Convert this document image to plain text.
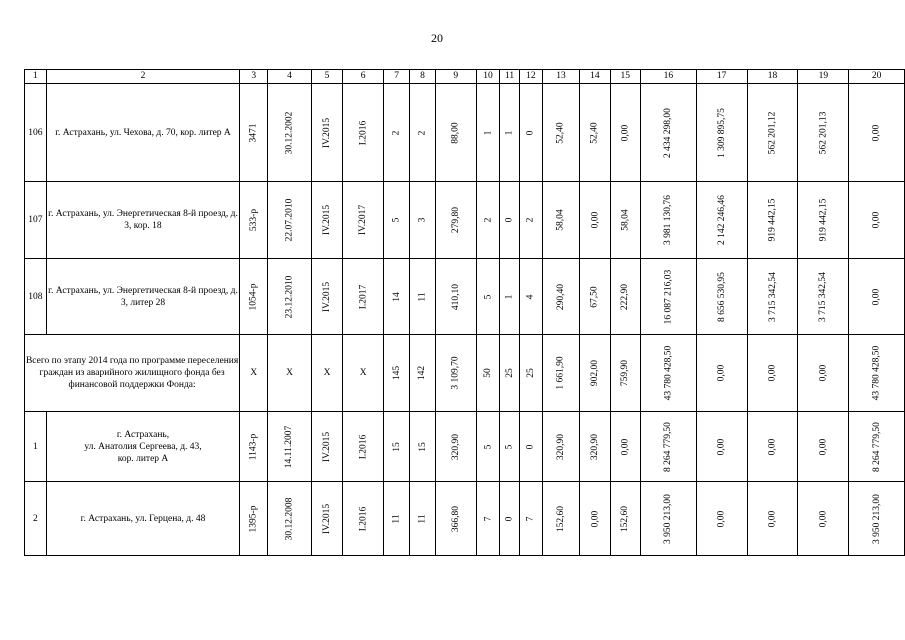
20
1	2	3	4	5	6	7	8	9	10	11	12	13	14	15	16	17	18	19	20
106	г. Астрахань, ул. Чехова, д. 70, кор. литер А	3471	30.12.2002	IV.2015	I.2016	2	2	88,00	1	1	0	52,40	52,40	0,00	2 434 298,00	1 309 895,75	562 201,12	562 201,13	0,00
107	г. Астрахань, ул. Энергетическая 8-й проезд, д. 3, кор. 18	533-р	22.07.2010	IV.2015	IV.2017	5	3	279,80	2	0	2	58,04	0,00	58,04	3 981 130,76	2 142 246,46	919 442,15	919 442,15	0,00
108	г. Астрахань, ул. Энергетическая 8-й проезд, д. 3, литер 28	1054-р	23.12.2010	IV.2015	I.2017	14	11	410,10	5	1	4	290,40	67,50	222,90	16 087 216,03	8 656 530,95	3 715 342,54	3 715 342,54	0,00
Всего по этапу 2014 года по программе переселения граждан из аварийного жилищного фонда без финансовой поддержки Фонда:		X	X	X	X	145	142	3 109,70	50	25	25	1 661,90	902,00	759,90	43 780 428,50	0,00	0,00	0,00	43 780 428,50
1	г. Астрахань,
ул. Анатолия Сергеева, д. 43,
кор. литер А	1143-р	14.11.2007	IV.2015	I.2016	15	15	320,90	5	5	0	320,90	320,90	0,00	8 264 779,50	0,00	0,00	0,00	8 264 779,50
2	г. Астрахань, ул. Герцена, д. 48	1395-р	30.12.2008	IV.2015	I.2016	11	11	366,80	7	0	7	152,60	0,00	152,60	3 950 213,00	0,00	0,00	0,00	3 950 213,00
